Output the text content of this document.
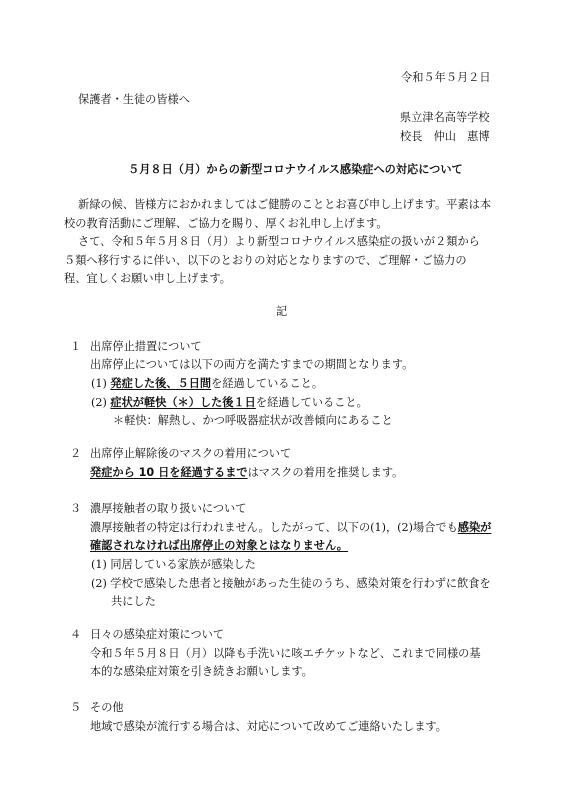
令和５年５月２日
保護者・生徒の皆様へ
県立津名高等学校
校長　仲山　惠博
５月８日（月）からの新型コロナウイルス感染症への対応について
新緑の候、皆様方におかれましてはご健勝のこととお喜び申し上げます。平素は本
校の教育活動にご理解、ご協力を賜り、厚くお礼申し上げます。
さて、令和５年５月８日（月）より新型コロナウイルス感染症の扱いが２類から
５類へ移行するに伴い、以下のとおりの対応となりますので、ご理解・ご協力の
程、宜しくお願い申し上げます。
記
１ 出席停止措置について
出席停止については以下の両方を満たすまでの期間となります。
(1) 発症した後、５日間を経過していること。
(2) 症状が軽快（＊）した後１日を経過していること。
＊軽快：解熱し、かつ呼吸器症状が改善傾向にあること
２ 出席停止解除後のマスクの着用について
発症から 10 日を経過するまではマスクの着用を推奨します。
３ 濃厚接触者の取り扱いについて
濃厚接触者の特定は行われません。したがって、以下の(1)，(2)場合でも感染が
確認されなければ出席停止の対象とはなりません。
(1) 同居している家族が感染した
(2) 学校で感染した患者と接触があった生徒のうち、感染対策を行わずに飲食を
共にした
４ 日々の感染症対策について
令和５年５月８日（月）以降も手洗いに咳エチケットなど、これまで同様の基
本的な感染症対策を引き続きお願いします。
５ その他
地域で感染が流行する場合は、対応について改めてご連絡いたします。
